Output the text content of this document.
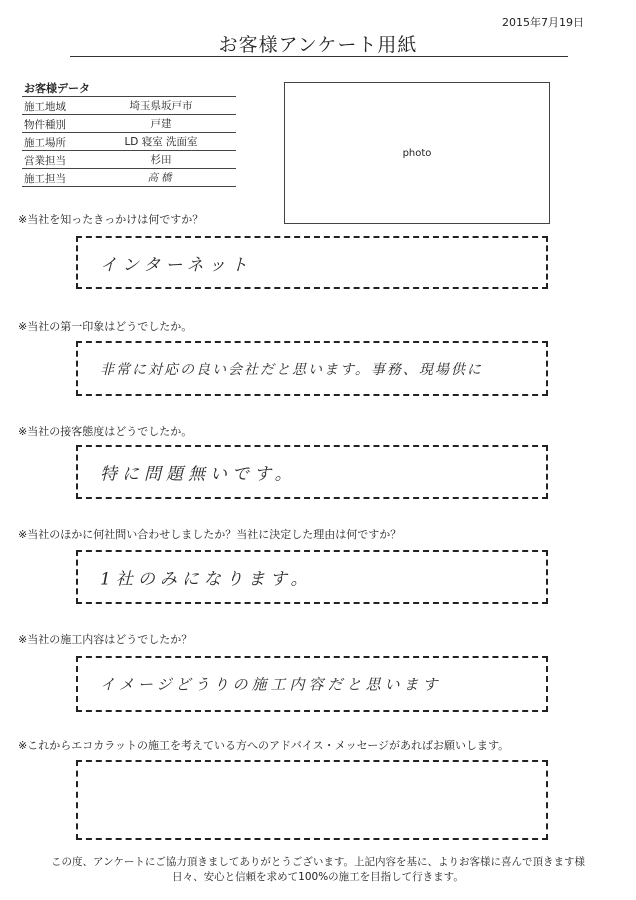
2015年7月19日
お客様アンケート用紙
お客様データ
施工地域	埼玉県坂戸市
物件種別	戸建
施工場所	LD 寝室 洗面室
営業担当	杉田
施工担当	高橋
photo
※当社を知ったきっかけは何ですか？
インターネット
※当社の第一印象はどうでしたか。
非常に対応の良い会社だと思います。事務、現場供に
※当社の接客態度はどうでしたか。
特に問題無いです。
※当社のほかに何社問い合わせしましたか？当社に決定した理由は何ですか？
1社のみになります。
※当社の施工内容はどうでしたか？
イメージどうりの施工内容だと思います
※これからエコカラットの施工を考えている方へのアドバイス・メッセージがあればお願いします。
この度、アンケートにご協力頂きましてありがとうございます。上記内容を基に、よりお客様に喜んで頂きます様
日々、安心と信頼を求めて100%の施工を目指して行きます。
